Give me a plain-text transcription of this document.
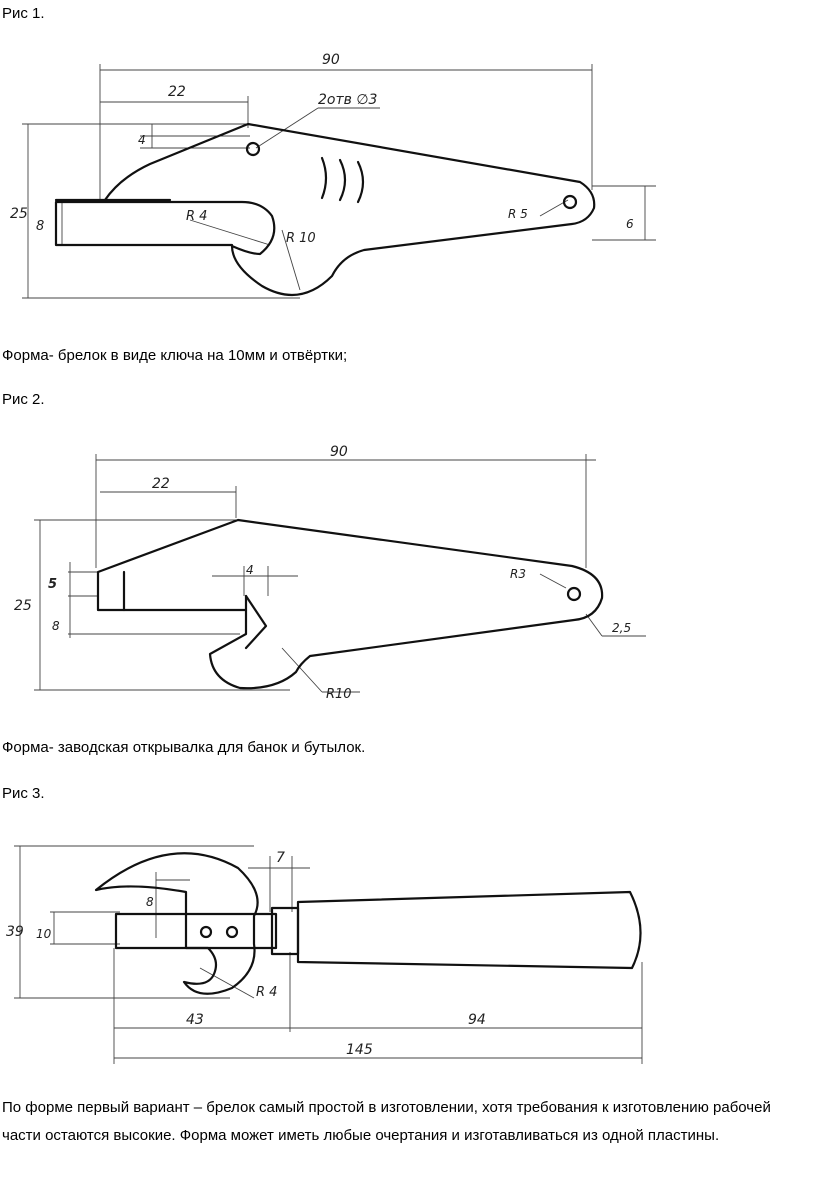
Рис 1.

90
22
4
2отв ∅3
25
8
R 4
R 10
R 5
6

Форма- брелок в виде ключа на 10мм и отвёртки;

Рис 2.

90
22
5
4
25
8
R3
2,5
R10

Форма- заводская открывалка для банок и бутылок.

Рис 3.

7
39 10
8
R 4
43	94
145

По форме первый вариант – брелок самый простой в изготовлении, хотя требования к изготовлению рабочей части остаются высокие. Форма может иметь любые очертания и изготавливаться из одной пластины.
